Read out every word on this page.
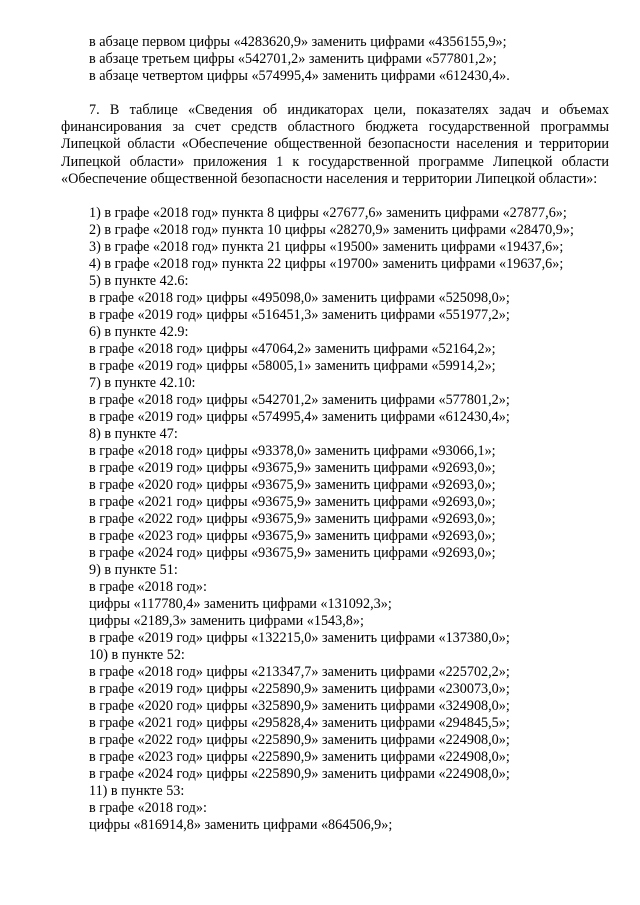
в абзаце первом цифры «4283620,9» заменить цифрами «4356155,9»;
в абзаце третьем цифры «542701,2» заменить цифрами «577801,2»;
в абзаце четвертом цифры «574995,4» заменить цифрами «612430,4».
7. В таблице «Сведения об индикаторах цели, показателях задач и объемах финансирования за счет средств областного бюджета государственной программы Липецкой области «Обеспечение общественной безопасности населения и территории Липецкой области» приложения 1 к государственной программе Липецкой области «Обеспечение общественной безопасности населения и территории Липецкой области»:
1) в графе «2018 год» пункта 8 цифры «27677,6» заменить цифрами «27877,6»;
2) в графе «2018 год» пункта 10 цифры «28270,9» заменить цифрами «28470,9»;
3) в графе «2018 год» пункта 21 цифры «19500» заменить цифрами «19437,6»;
4) в графе «2018 год» пункта 22 цифры «19700» заменить цифрами «19637,6»;
5) в пункте 42.6:
в графе «2018 год» цифры «495098,0» заменить цифрами «525098,0»;
в графе «2019 год» цифры «516451,3» заменить цифрами «551977,2»;
6) в пункте 42.9:
в графе «2018 год» цифры «47064,2» заменить цифрами «52164,2»;
в графе «2019 год» цифры «58005,1» заменить цифрами «59914,2»;
7) в пункте 42.10:
в графе «2018 год» цифры «542701,2» заменить цифрами «577801,2»;
в графе «2019 год» цифры «574995,4» заменить цифрами «612430,4»;
8) в пункте 47:
в графе «2018 год» цифры «93378,0» заменить цифрами «93066,1»;
в графе «2019 год» цифры «93675,9» заменить цифрами «92693,0»;
в графе «2020 год» цифры «93675,9» заменить цифрами «92693,0»;
в графе «2021 год» цифры «93675,9» заменить цифрами «92693,0»;
в графе «2022 год» цифры «93675,9» заменить цифрами «92693,0»;
в графе «2023 год» цифры «93675,9» заменить цифрами «92693,0»;
в графе «2024 год» цифры «93675,9» заменить цифрами «92693,0»;
9) в пункте 51:
в графе «2018 год»:
цифры «117780,4» заменить цифрами «131092,3»;
цифры «2189,3» заменить цифрами «1543,8»;
в графе «2019 год» цифры «132215,0» заменить цифрами «137380,0»;
10) в пункте 52:
в графе «2018 год» цифры «213347,7» заменить цифрами «225702,2»;
в графе «2019 год» цифры «225890,9» заменить цифрами «230073,0»;
в графе «2020 год» цифры «325890,9» заменить цифрами «324908,0»;
в графе «2021 год» цифры «295828,4» заменить цифрами «294845,5»;
в графе «2022 год» цифры «225890,9» заменить цифрами «224908,0»;
в графе «2023 год» цифры «225890,9» заменить цифрами «224908,0»;
в графе «2024 год» цифры «225890,9» заменить цифрами «224908,0»;
11) в пункте 53:
в графе «2018 год»:
цифры «816914,8» заменить цифрами «864506,9»;
